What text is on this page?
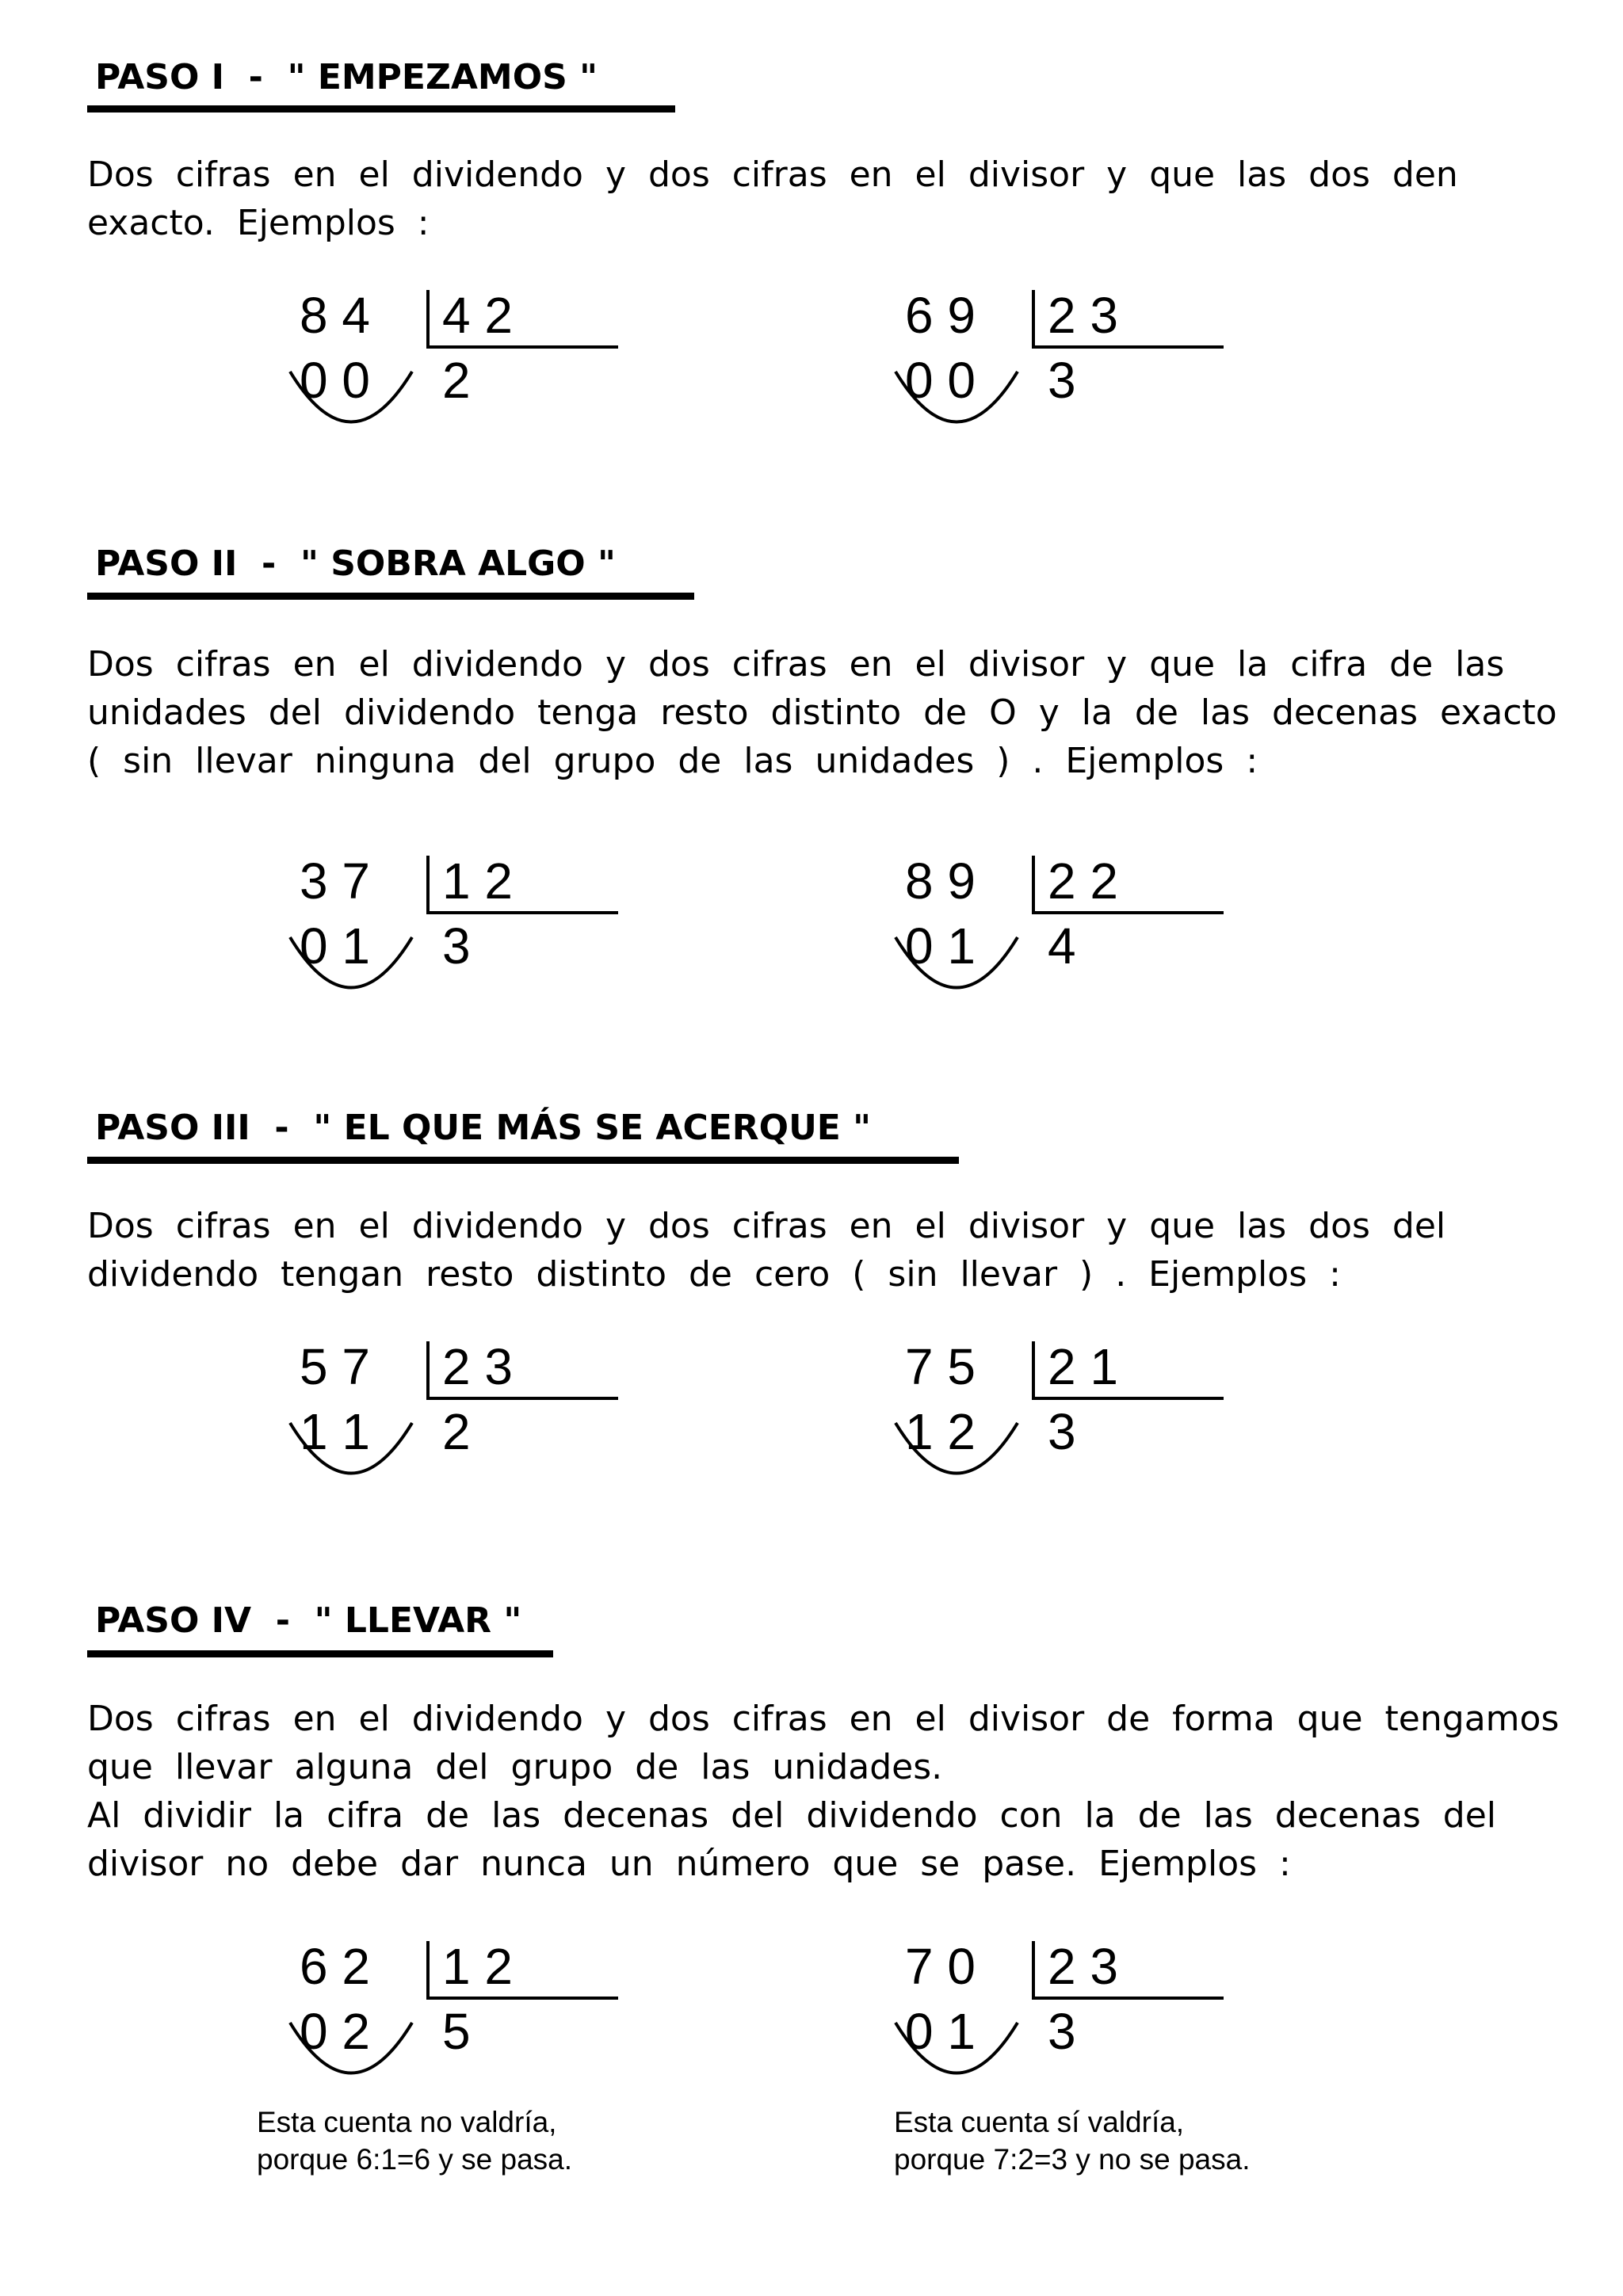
PASO I  -  " EMPEZAMOS "

Dos cifras en el dividendo y dos cifras en el divisor y que las dos den
exacto. Ejemplos :

8 4
0 0
4 2
2
6 9
0 0
2 3
3
PASO II  -  " SOBRA ALGO "

Dos cifras en el dividendo y dos cifras en el divisor y que la cifra de las
unidades del dividendo tenga resto distinto de O y la de las decenas exacto
( sin llevar ninguna del grupo de las unidades ) . Ejemplos :

3 7
0 1
1 2
3
8 9
0 1
2 2
4
PASO III  -  " EL QUE MÁS SE ACERQUE "

Dos cifras en el dividendo y dos cifras en el divisor y que las dos del
dividendo tengan resto distinto de cero ( sin llevar ) . Ejemplos :

5 7
1 1
2 3
2
7 5
1 2
2 1
3
PASO IV  -  " LLEVAR "

Dos cifras en el dividendo y dos cifras en el divisor de forma que tengamos
que llevar alguna del grupo de las unidades.
Al dividir la cifra de las decenas del dividendo con la de las decenas del
divisor no debe dar nunca un número que se pase. Ejemplos :

6 2
0 2
1 2
5
7 0
0 1
2 3
3

Esta cuenta no valdría,
porque 6:1=6 y se pasa.

Esta cuenta sí valdría,
porque 7:2=3 y no se pasa.
